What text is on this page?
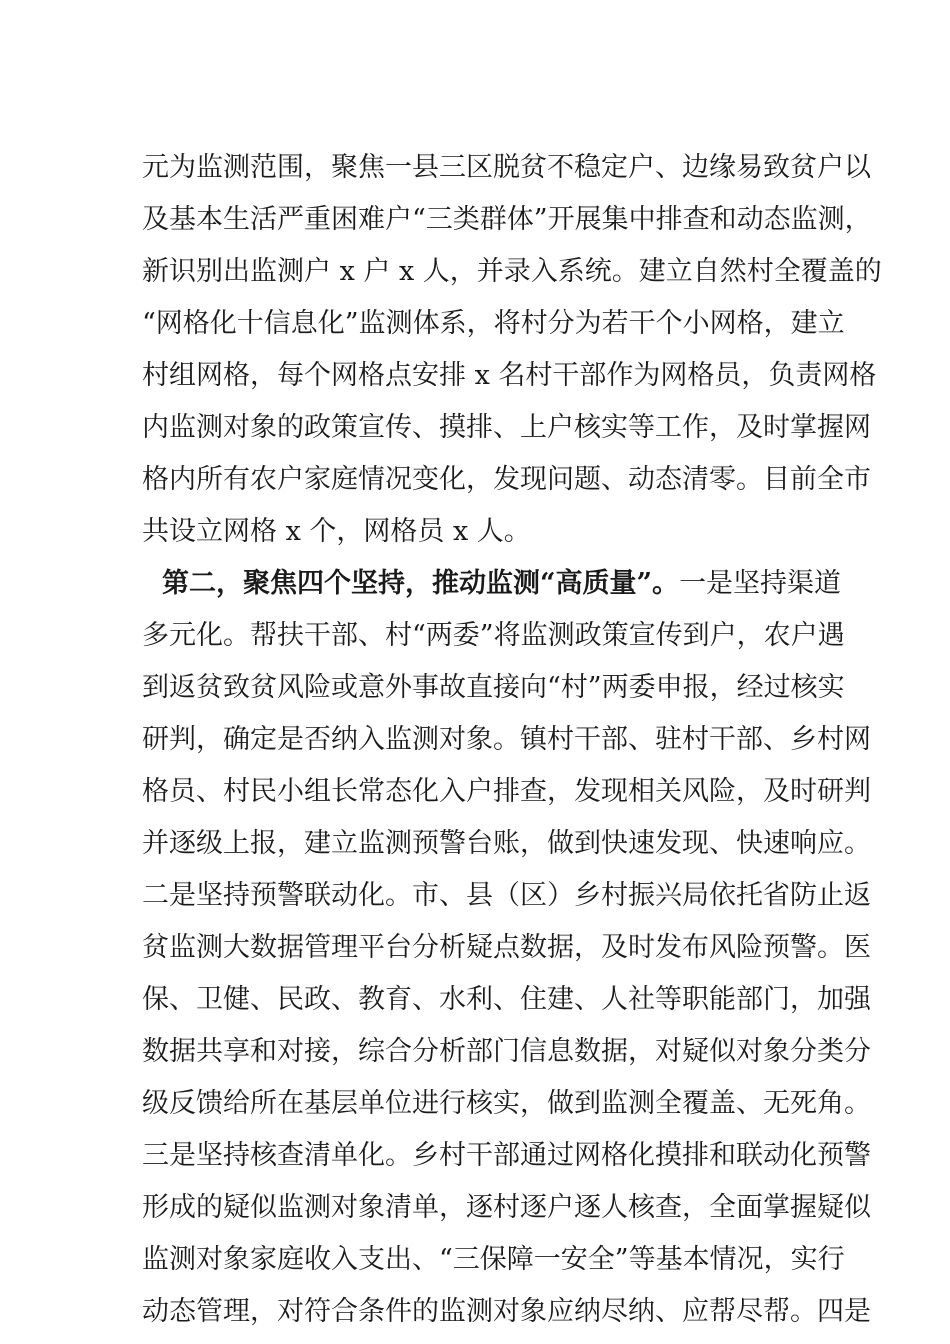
元为监测范围，聚焦一县三区脱贫不稳定户、边缘易致贫户以
及基本生活严重困难户“三类群体”开展集中排查和动态监测，
新识别出监测户 x 户 x 人，并录入系统。建立自然村全覆盖的
“网格化十信息化”监测体系，将村分为若干个小网格，建立
村组网格，每个网格点安排 x 名村干部作为网格员，负责网格
内监测对象的政策宣传、摸排、上户核实等工作，及时掌握网
格内所有农户家庭情况变化，发现问题、动态清零。目前全市
共设立网格 x 个，网格员 x 人。
第二，聚焦四个坚持，推动监测“高质量”。一是坚持渠道
多元化。帮扶干部、村“两委”将监测政策宣传到户，农户遇
到返贫致贫风险或意外事故直接向“村”两委申报，经过核实
研判，确定是否纳入监测对象。镇村干部、驻村干部、乡村网
格员、村民小组长常态化入户排查，发现相关风险，及时研判
并逐级上报，建立监测预警台账，做到快速发现、快速响应。
二是坚持预警联动化。市、县（区）乡村振兴局依托省防止返
贫监测大数据管理平台分析疑点数据，及时发布风险预警。医
保、卫健、民政、教育、水利、住建、人社等职能部门，加强
数据共享和对接，综合分析部门信息数据，对疑似对象分类分
级反馈给所在基层单位进行核实，做到监测全覆盖、无死角。
三是坚持核查清单化。乡村干部通过网格化摸排和联动化预警
形成的疑似监测对象清单，逐村逐户逐人核查，全面掌握疑似
监测对象家庭收入支出、“三保障一安全”等基本情况，实行
动态管理，对符合条件的监测对象应纳尽纳、应帮尽帮。四是
